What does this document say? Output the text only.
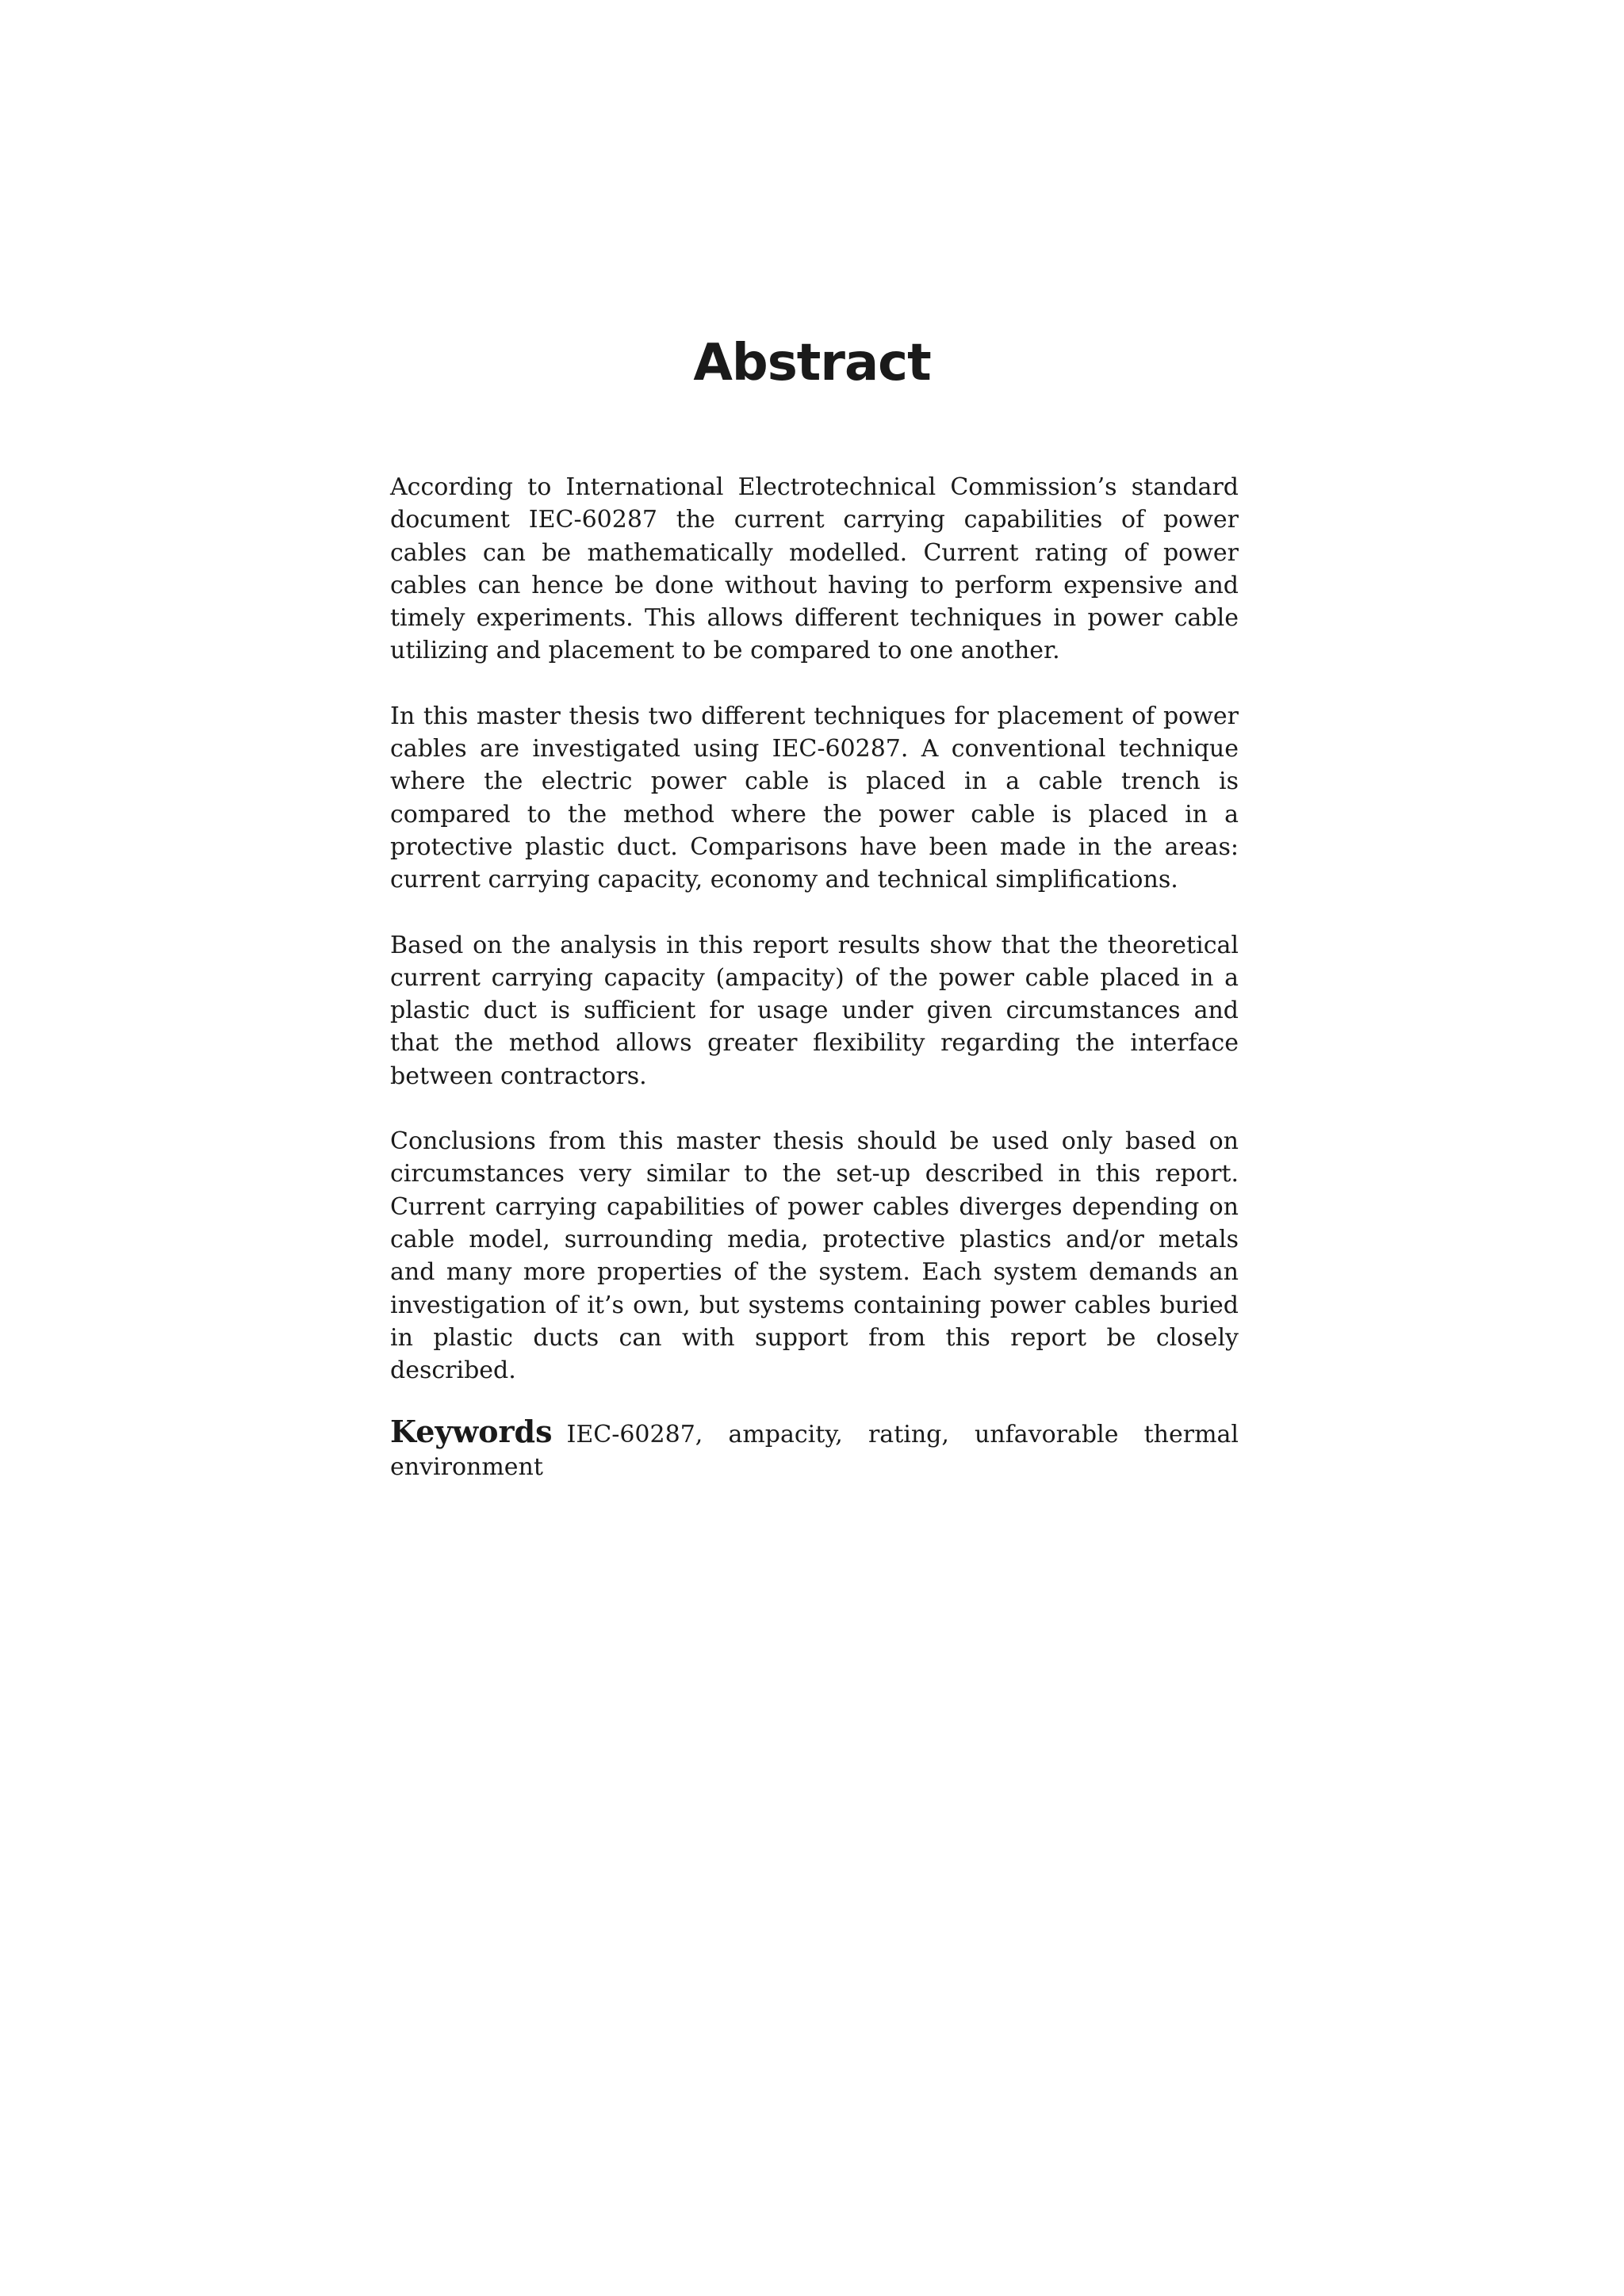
Abstract

According to International Electrotechnical Commission’s standard document IEC-60287 the current carrying capabilities of power cables can be mathematically modelled. Current rating of power cables can hence be done without having to perform expensive and timely experiments. This allows different techniques in power cable utilizing and placement to be compared to one another.

In this master thesis two different techniques for placement of power cables are investigated using IEC-60287. A conventional technique where the electric power cable is placed in a cable trench is compared to the method where the power cable is placed in a protective plastic duct. Comparisons have been made in the areas: current carrying capacity, economy and technical simplifications.

Based on the analysis in this report results show that the theoretical current carrying capacity (ampacity) of the power cable placed in a plastic duct is sufficient for usage under given circumstances and that the method allows greater flexibility regarding the interface between contractors.

Conclusions from this master thesis should be used only based on circumstances very similar to the set-up described in this report. Current carrying capabilities of power cables diverges depending on cable model, surrounding media, protective plastics and/or metals and many more properties of the system. Each system demands an investigation of it’s own, but systems containing power cables buried in plastic ducts can with support from this report be closely described.

Keywords IEC-60287, ampacity, rating, unfavorable thermal environment
